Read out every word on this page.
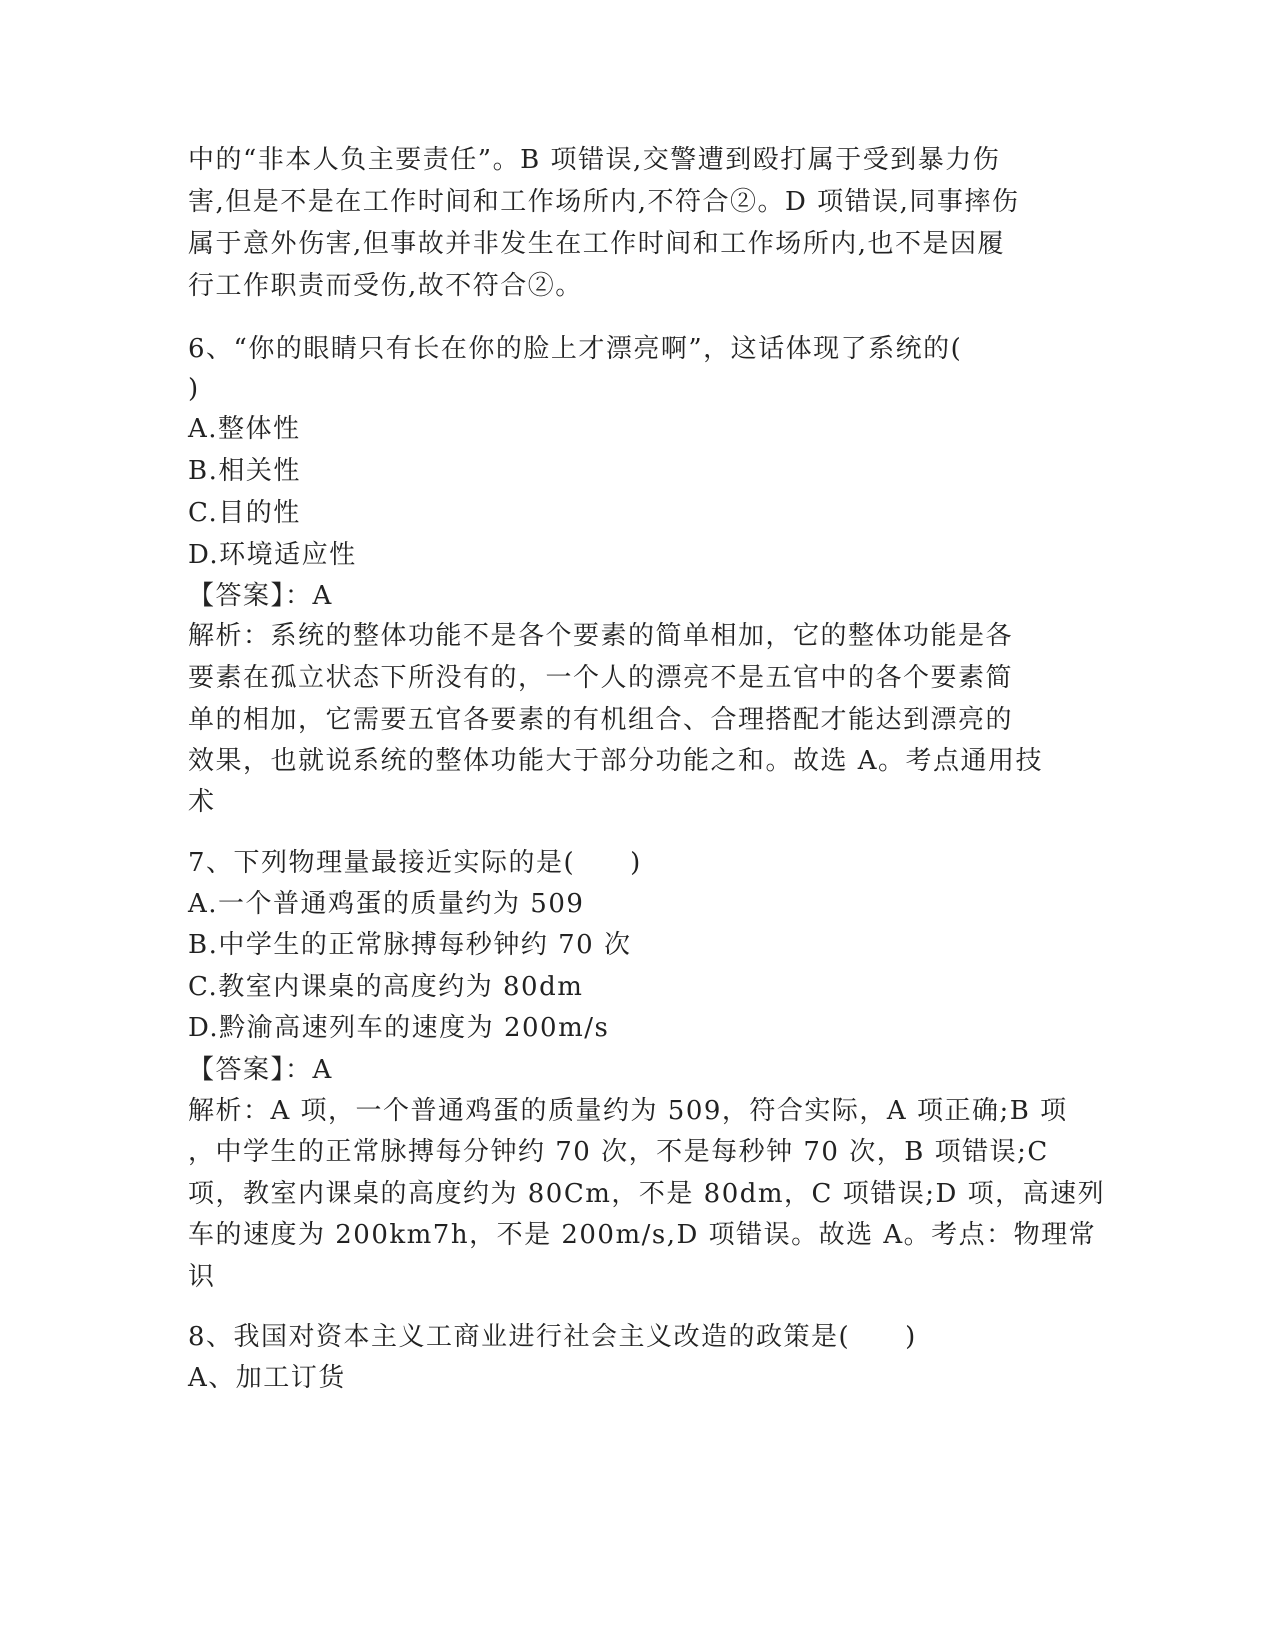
中的“非本人负主要责任”。B 项错误,交警遭到殴打属于受到暴力伤
害,但是不是在工作时间和工作场所内,不符合②。D 项错误,同事摔伤
属于意外伤害,但事故并非发生在工作时间和工作场所内,也不是因履
行工作职责而受伤,故不符合②。
6、“你的眼睛只有长在你的脸上才漂亮啊”，这话体现了系统的(
)
A.整体性
B.相关性
C.目的性
D.环境适应性
【答案】：A
解析：系统的整体功能不是各个要素的简单相加，它的整体功能是各
要素在孤立状态下所没有的，一个人的漂亮不是五官中的各个要素简
单的相加，它需要五官各要素的有机组合、合理搭配才能达到漂亮的
效果，也就说系统的整体功能大于部分功能之和。故选 A。考点通用技
术
7、下列物理量最接近实际的是(　　)
A.一个普通鸡蛋的质量约为 509
B.中学生的正常脉搏每秒钟约 70 次
C.教室内课桌的高度约为 80dm
D.黔渝高速列车的速度为 200m/s
【答案】：A
解析：A 项，一个普通鸡蛋的质量约为 509，符合实际，A 项正确;B 项
，中学生的正常脉搏每分钟约 70 次，不是每秒钟 70 次，B 项错误;C
项，教室内课桌的高度约为 80Cm，不是 80dm，C 项错误;D 项，高速列
车的速度为 200km7h，不是 200m/s,D 项错误。故选 A。考点：物理常
识
8、我国对资本主义工商业进行社会主义改造的政策是(　　)
A、加工订货
